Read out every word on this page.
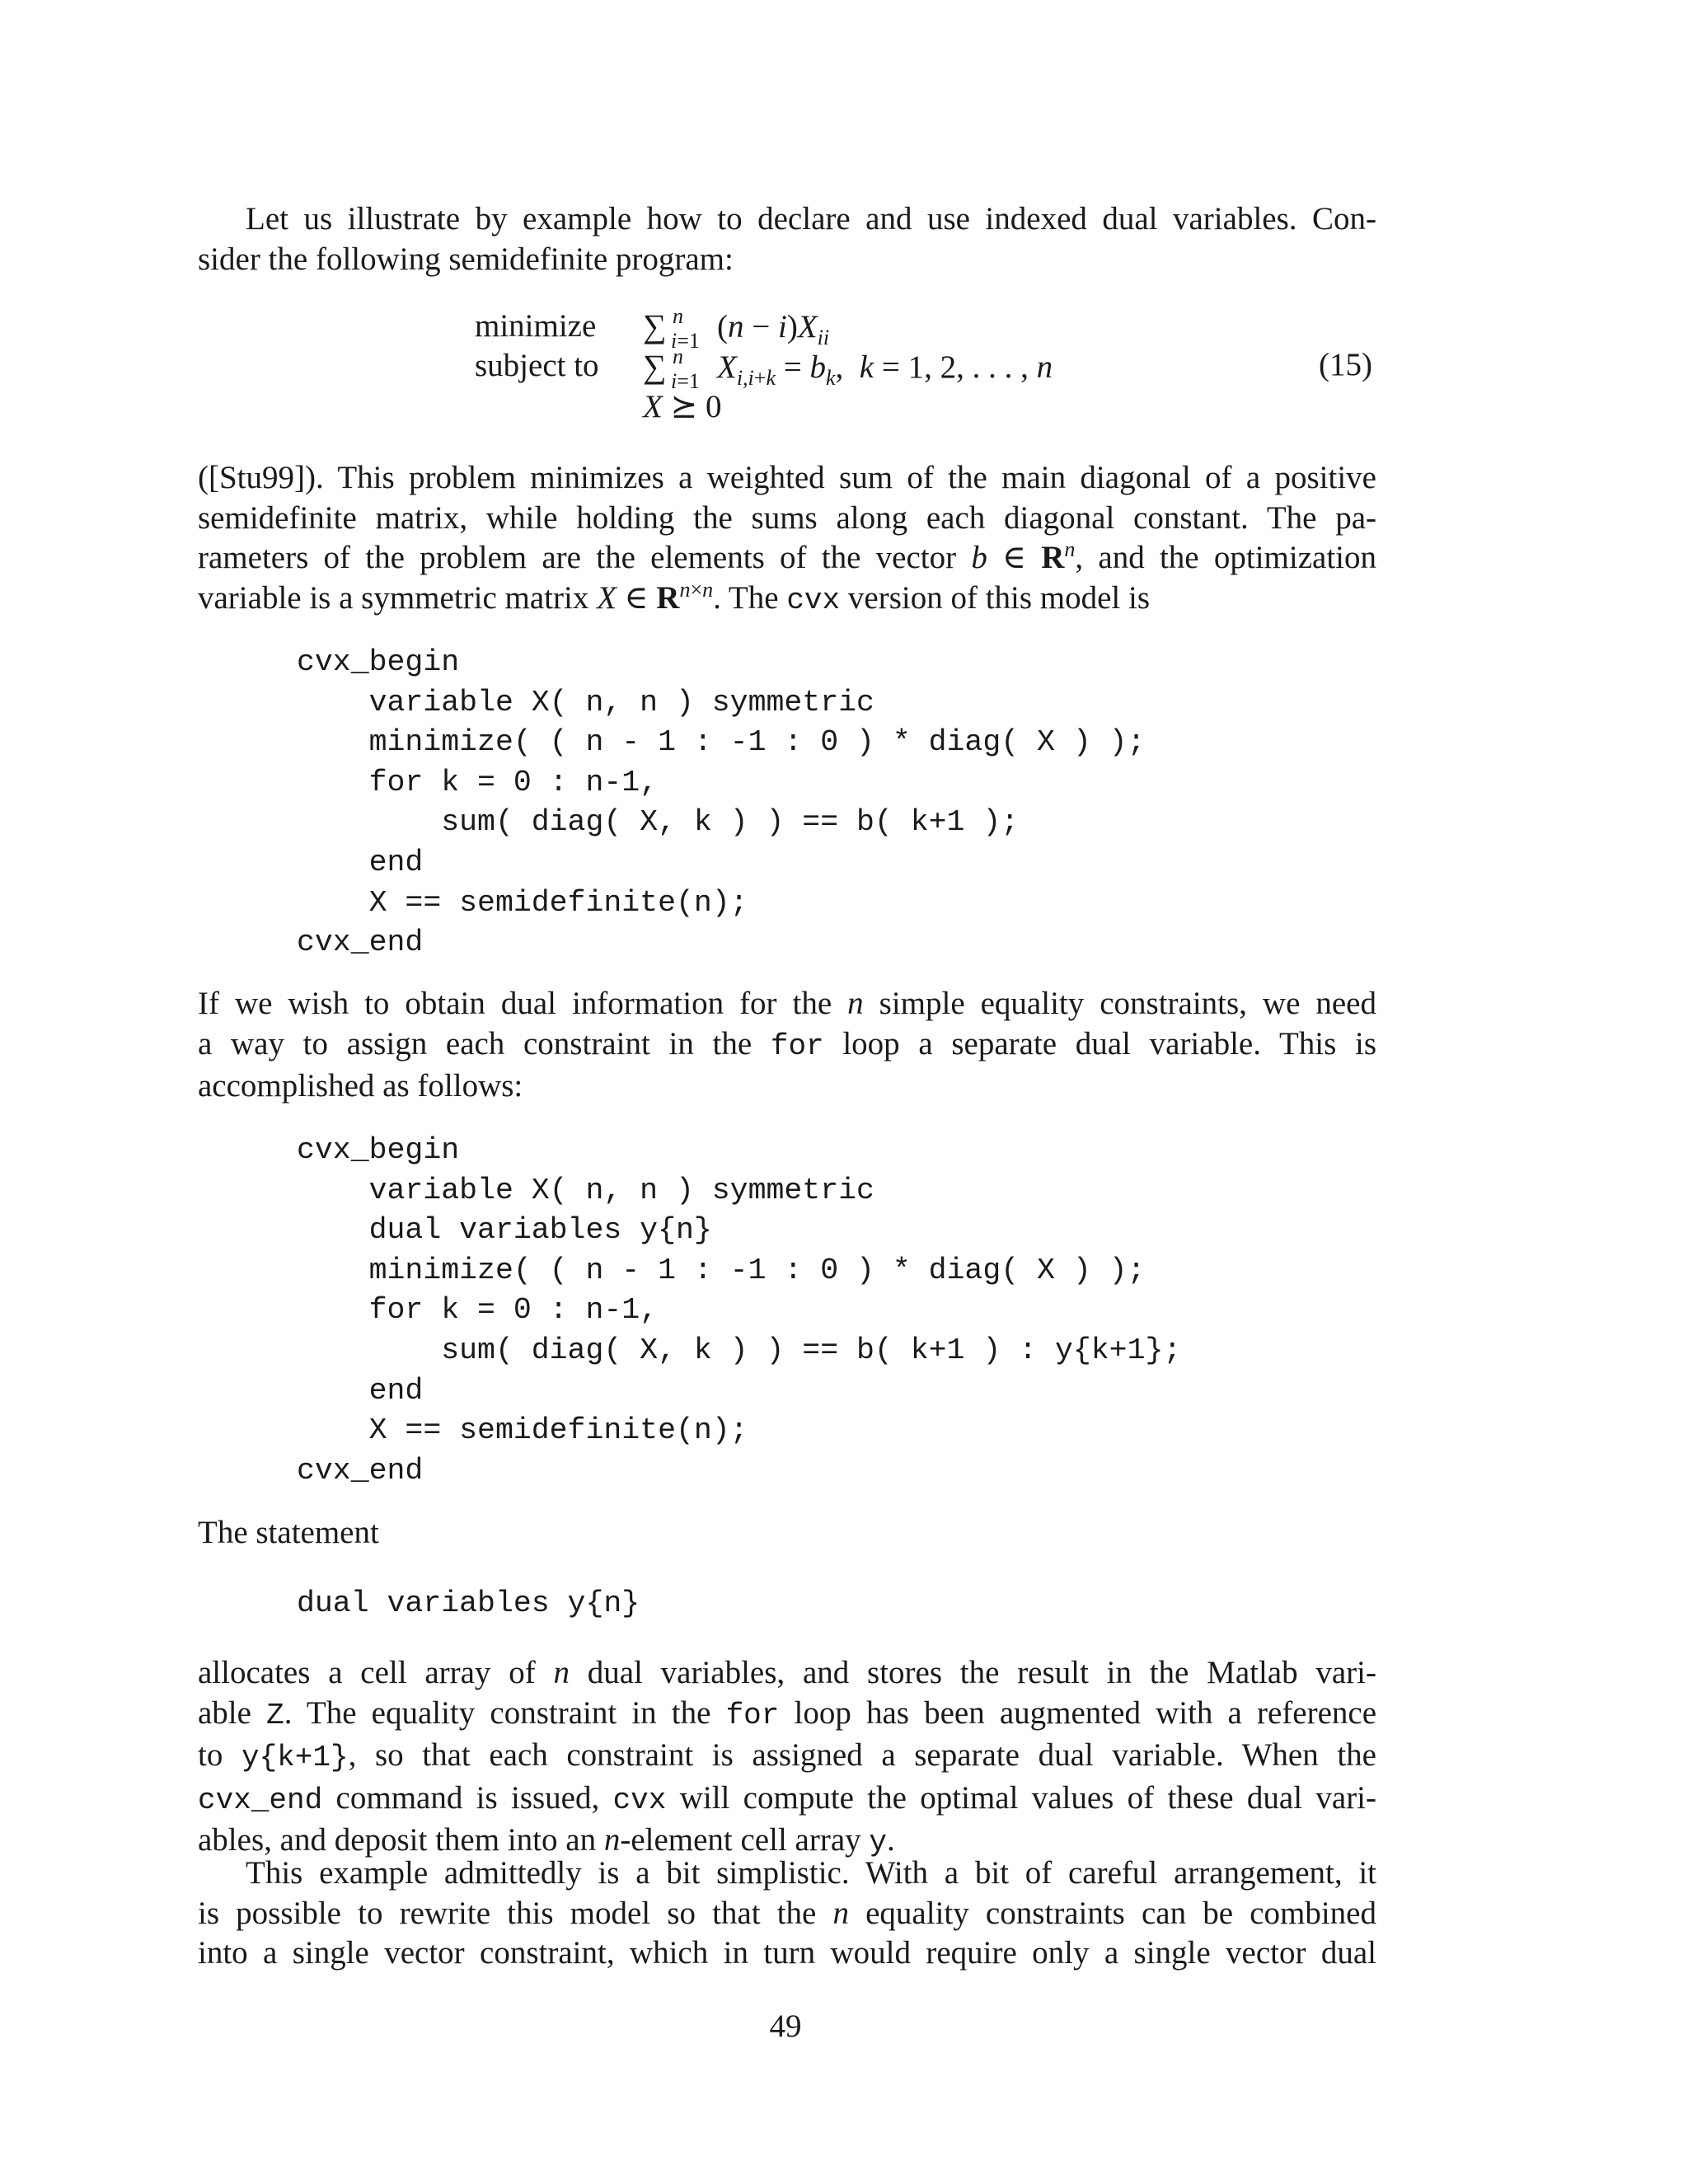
Let us illustrate by example how to declare and use indexed dual variables. Con-
sider the following semidefinite program:
minimize
subject to
∑ n
i=1 $(n - i)X_{ii}$
∑ n
i=1 $X_{i,i+k} = b_k$,  k = 1, 2, . . . , n
X ⪰ 0
(15)
([Stu99]). This problem minimizes a weighted sum of the main diagonal of a positive
semidefinite matrix, while holding the sums along each diagonal constant. The pa-
rameters of the problem are the elements of the vector b ∈ $R^n$, and the optimization
variable is a symmetric matrix X ∈ $R^{n\times n}$. The cvx version of this model is
cvx_begin
variable X( n, n ) symmetric
minimize( ( n - 1 : -1 : 0 ) * diag( X ) );
for k = 0 : n-1,
sum( diag( X, k ) ) == b( k+1 );
end
X == semidefinite(n);
cvx_end
If we wish to obtain dual information for the n simple equality constraints, we need
a way to assign each constraint in the for loop a separate dual variable. This is
accomplished as follows:
cvx_begin
variable X( n, n ) symmetric
dual variables y{n}
minimize( ( n - 1 : -1 : 0 ) * diag( X ) );
for k = 0 : n-1,
sum( diag( X, k ) ) == b( k+1 ) : y{k+1};
end
X == semidefinite(n);
cvx_end
The statement
dual variables y{n}
allocates a cell array of n dual variables, and stores the result in the Matlab vari-
able Z. The equality constraint in the for loop has been augmented with a reference
to y{k+1}, so that each constraint is assigned a separate dual variable. When the
cvx_end command is issued, cvx will compute the optimal values of these dual vari-
ables, and deposit them into an n-element cell array y.
This example admittedly is a bit simplistic. With a bit of careful arrangement, it
is possible to rewrite this model so that the n equality constraints can be combined
into a single vector constraint, which in turn would require only a single vector dual
49
